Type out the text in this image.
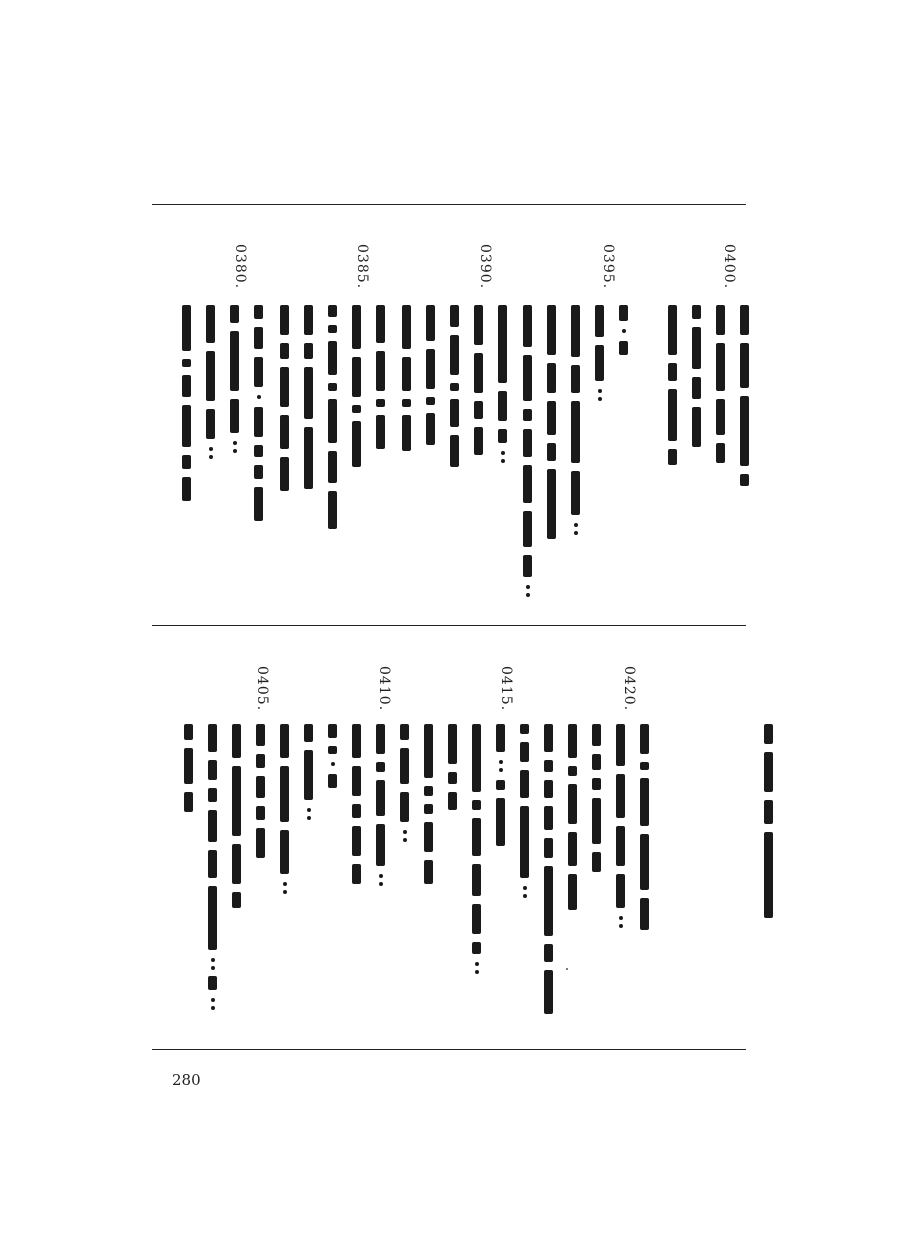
0400.
0395.
0390.
0385.
0380.
0420.
0415.
0410.
0405.
280
